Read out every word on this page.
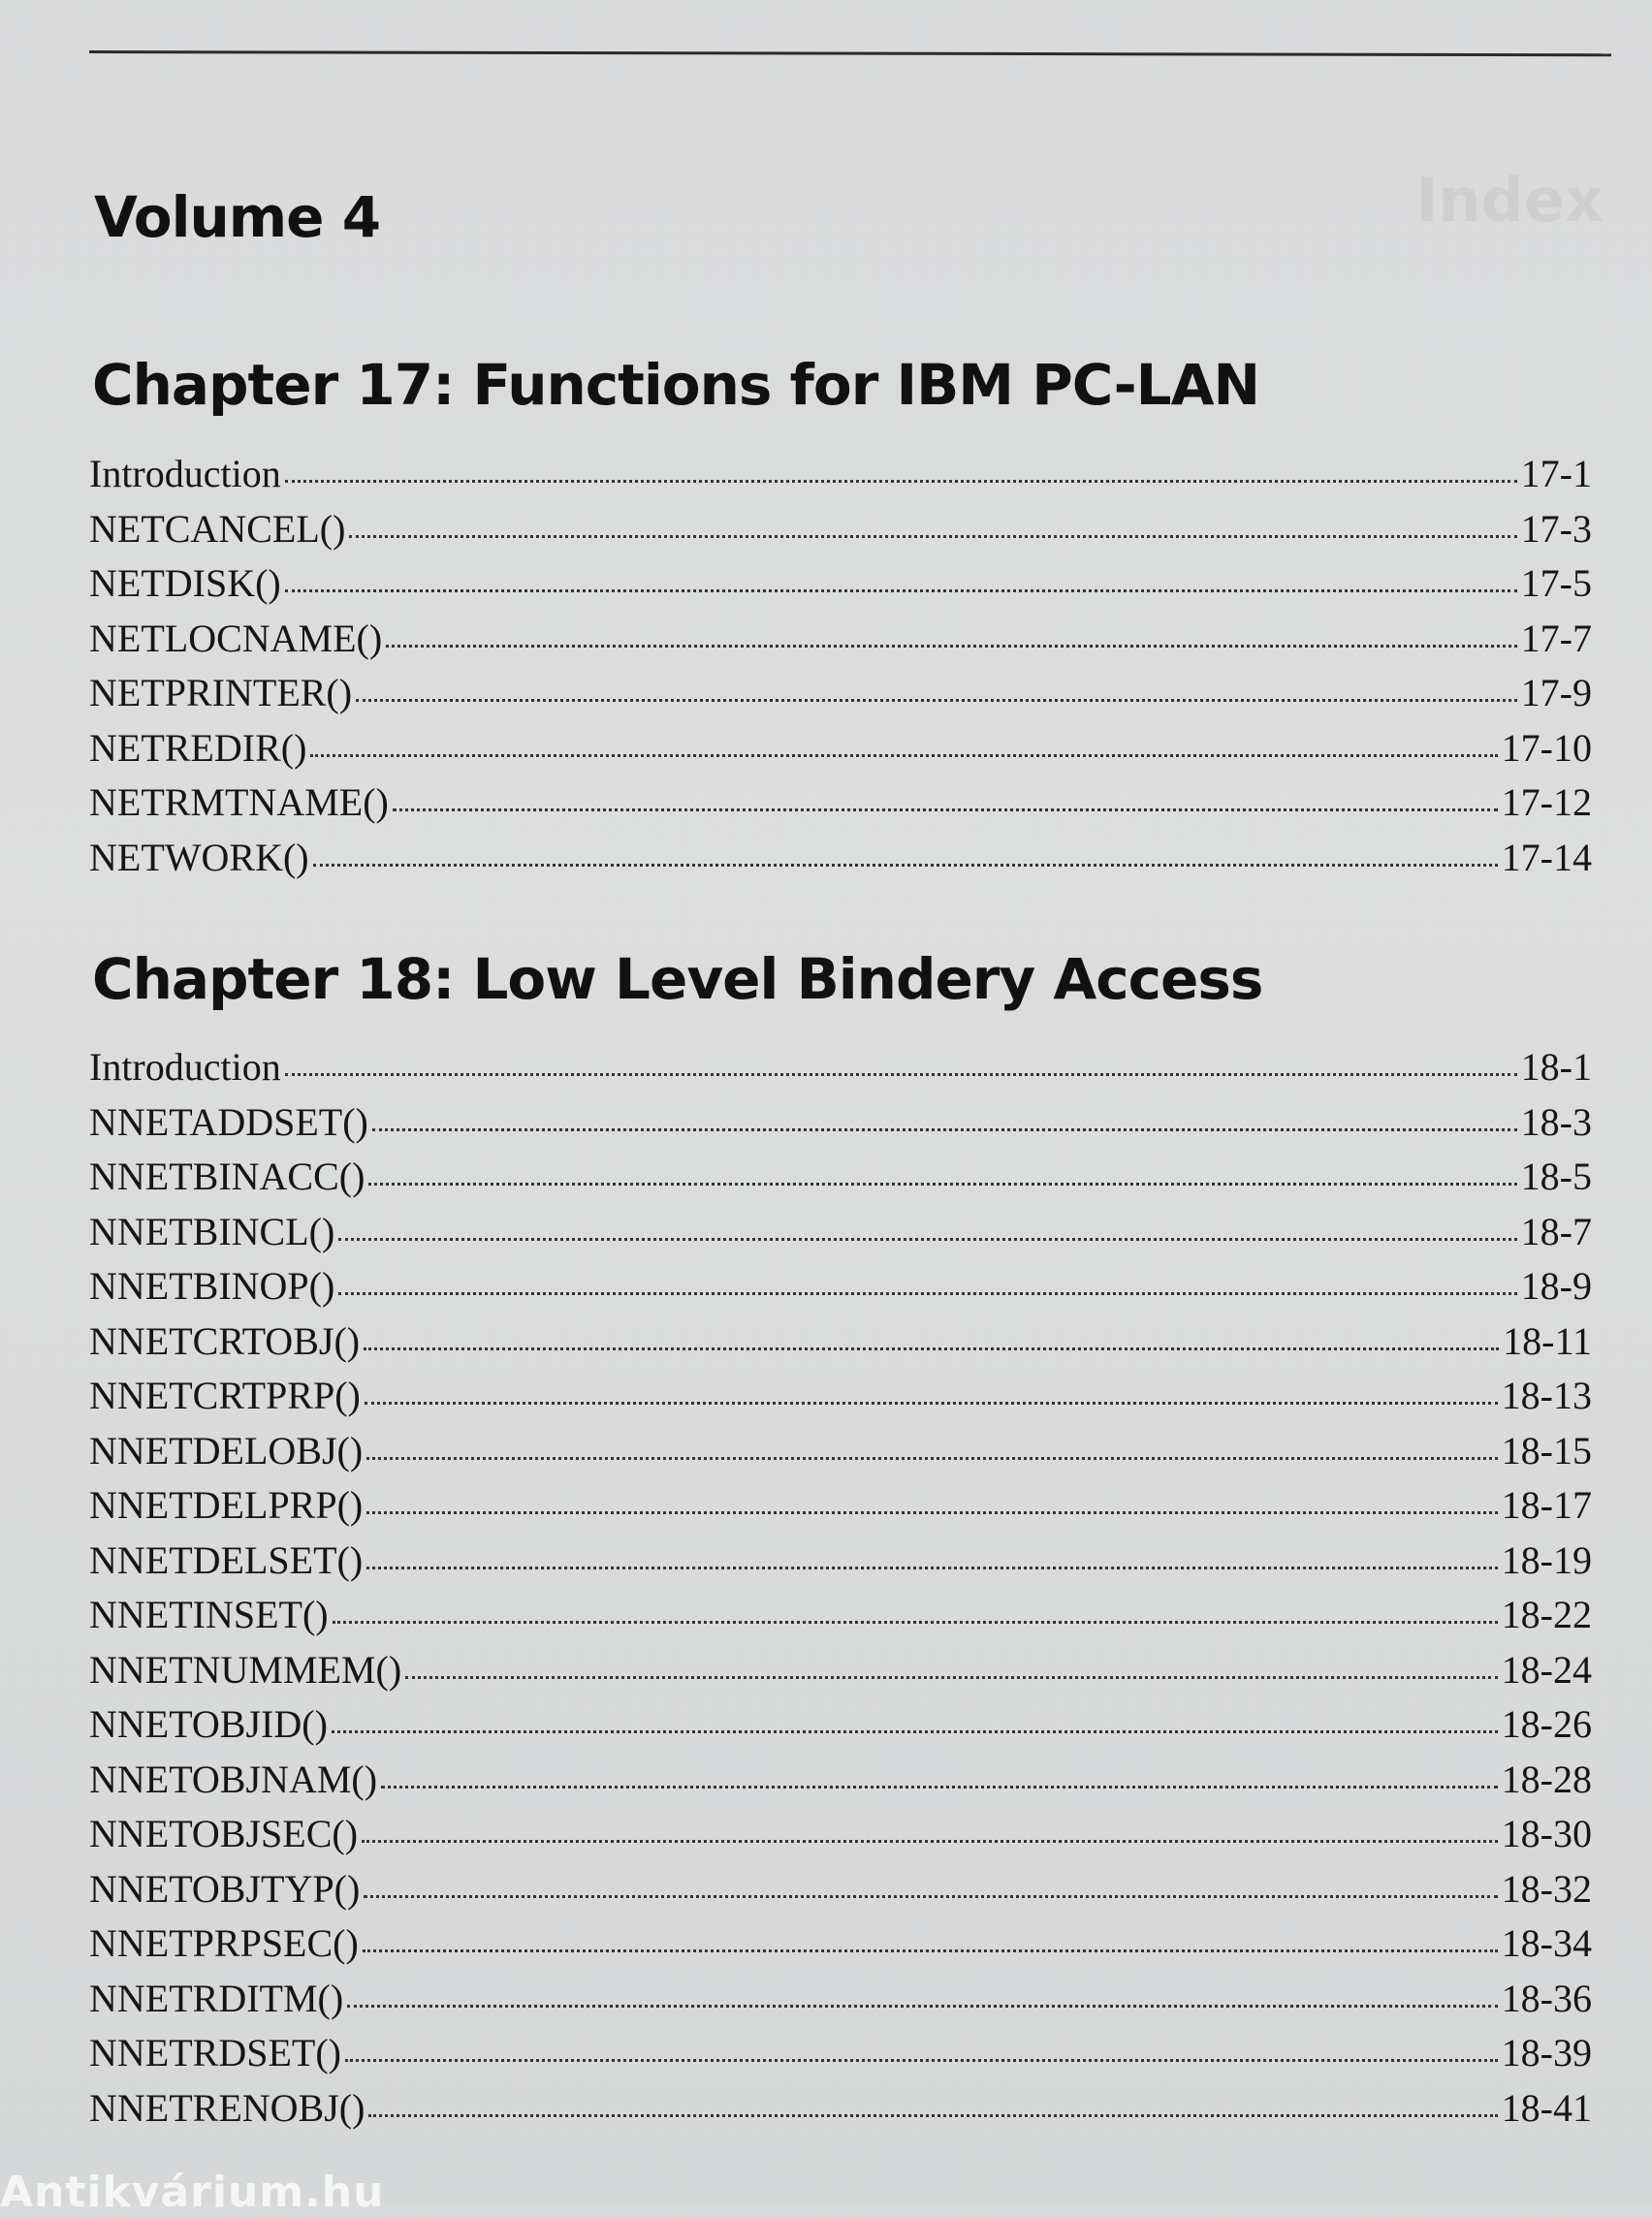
Index
Volume 4
Chapter 17: Functions for IBM PC-LAN
Introduction	17-1
NETCANCEL()	17-3
NETDISK()	17-5
NETLOCNAME()	17-7
NETPRINTER()	17-9
NETREDIR()	17-10
NETRMTNAME()	17-12
NETWORK()	17-14
Chapter 18: Low Level Bindery Access
Introduction	18-1
NNETADDSET()	18-3
NNETBINACC()	18-5
NNETBINCL()	18-7
NNETBINOP()	18-9
NNETCRTOBJ()	18-11
NNETCRTPRP()	18-13
NNETDELOBJ()	18-15
NNETDELPRP()	18-17
NNETDELSET()	18-19
NNETINSET()	18-22
NNETNUMMEM()	18-24
NNETOBJID()	18-26
NNETOBJNAM()	18-28
NNETOBJSEC()	18-30
NNETOBJTYP()	18-32
NNETPRPSEC()	18-34
NNETRDITM()	18-36
NNETRDSET()	18-39
NNETRENOBJ()	18-41
Antikvárium.hu
